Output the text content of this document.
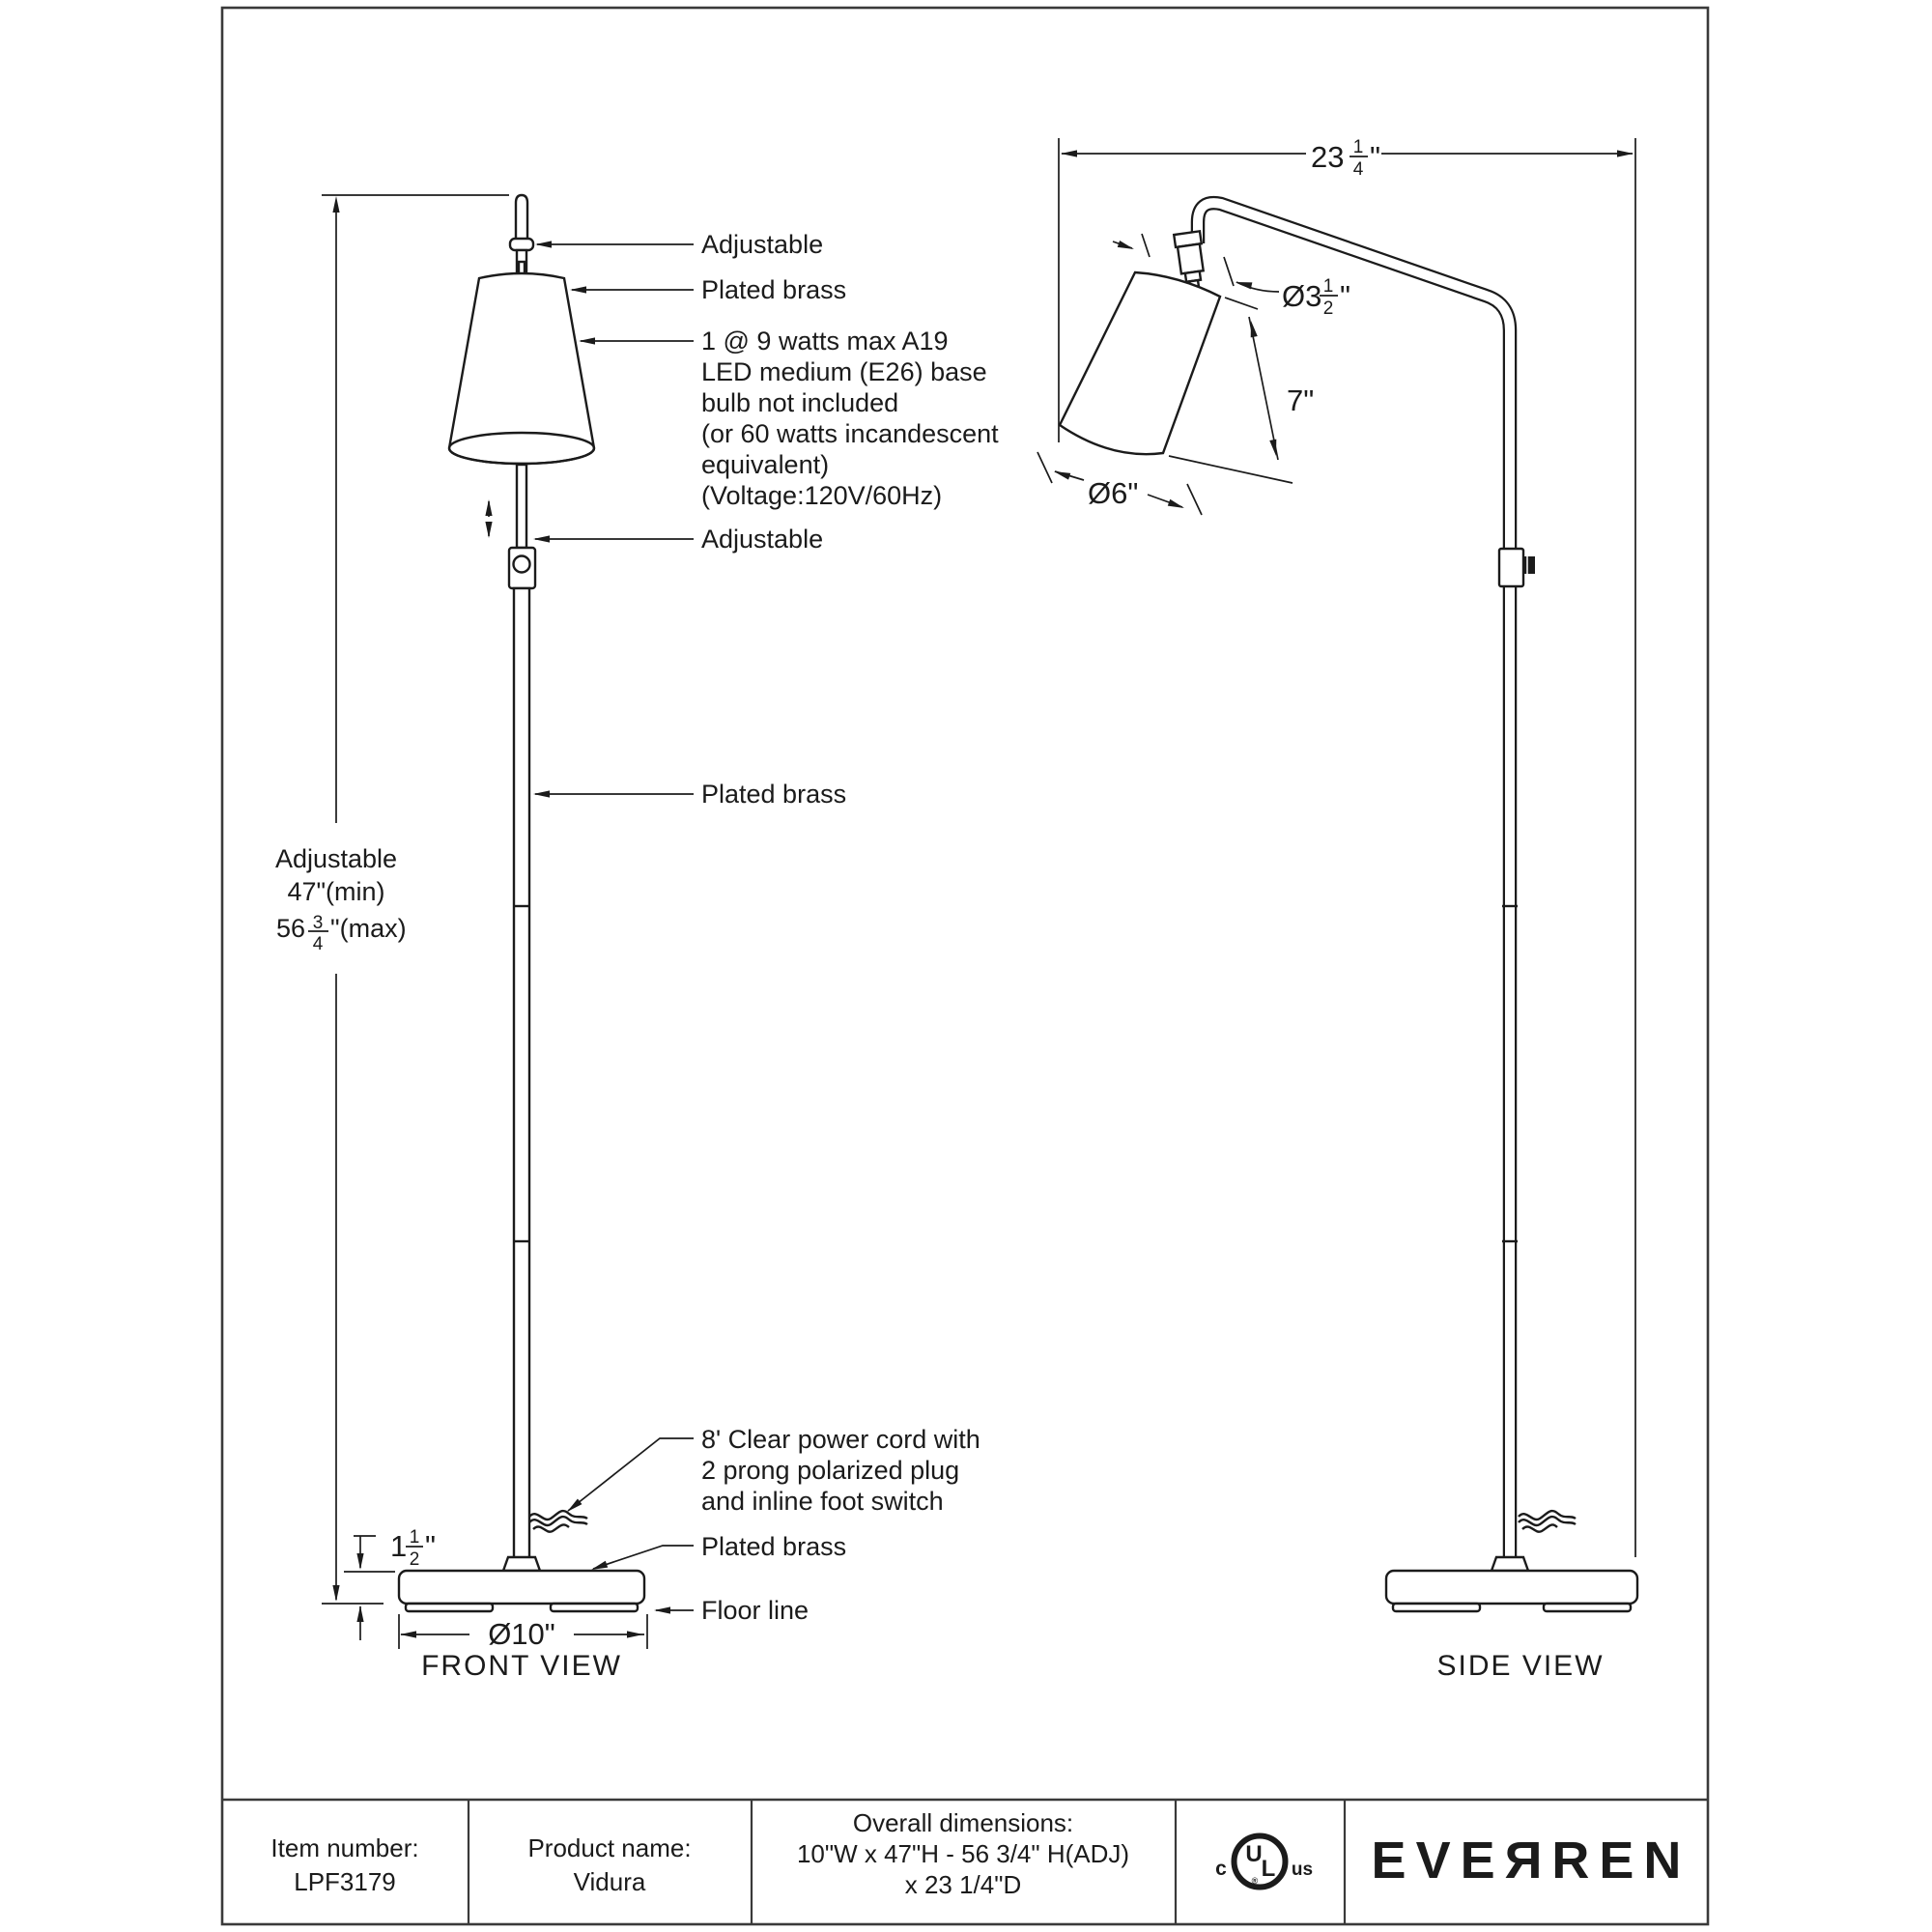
Adjustable
Plated brass
1 @ 9 watts max A19
LED medium (E26) base
bulb not included
(or 60 watts incandescent
equivalent)
(Voltage:120V/60Hz)
Adjustable
Plated brass
8' Clear power cord with
2 prong polarized plug
and inline foot switch
Plated brass
Floor line
FRONT VIEW	SIDE VIEW
Adjustable
47"(min)
56 3
4
"(max)
1 1
2 "
Ø10"
23 1
4 "
Ø3 1
2 "
7"
Ø6"
Item number:
LPF3179
Product name:
Vidura
Overall dimensions:
10"W x 47"H - 56 3/4" H(ADJ)
x 23 1/4"D
U
L
®
c	us EVEЯREN
